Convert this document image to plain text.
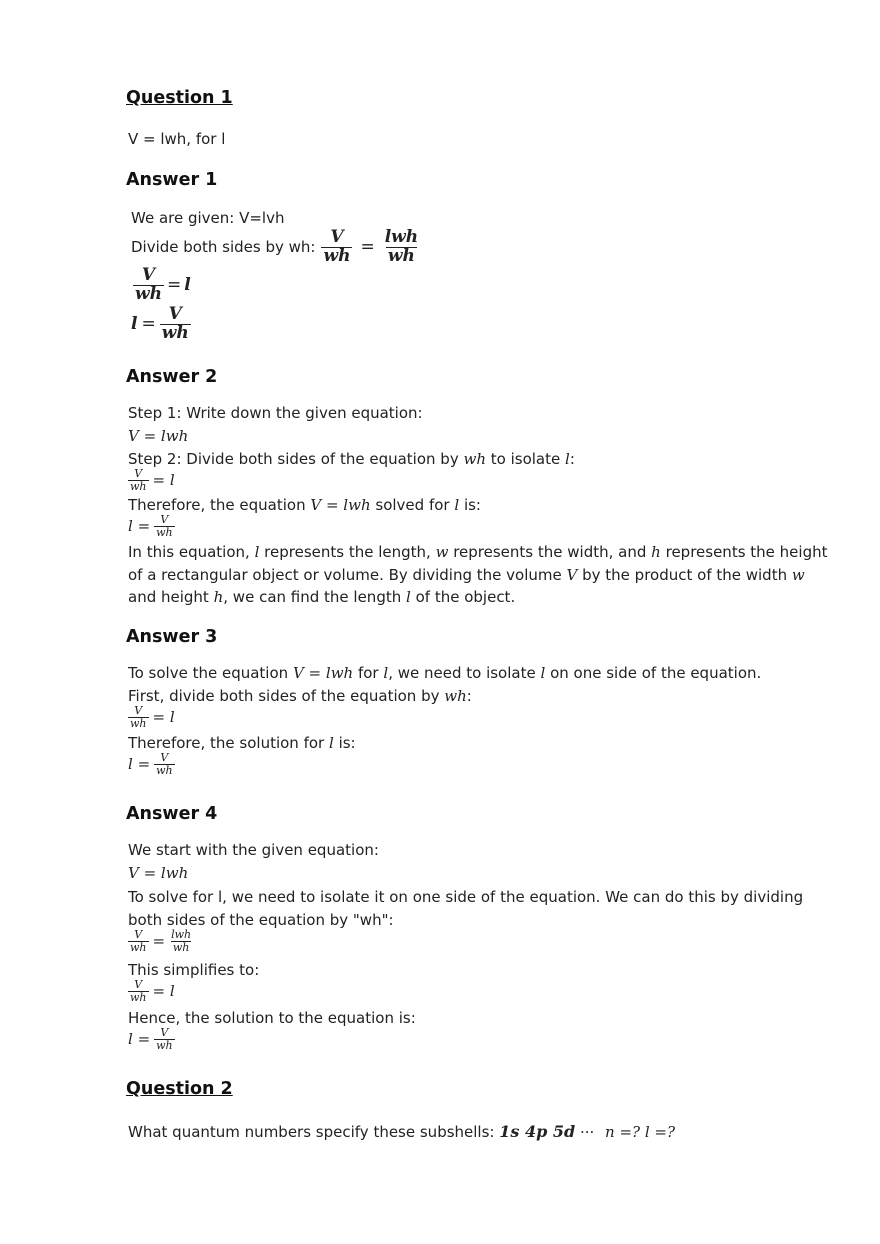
Question 1
V = lwh, for l
Answer 1
We are given: V=lvh
Divide both sides by wh: $\frac{V}{wh} = \frac{\text{lwh}}{wh}$
$\frac{V}{wh} = l$
$l = \frac{V}{wh}$
Answer 2
Step 1: Write down the given equation:
V = lwh
Step 2: Divide both sides of the equation by wh to isolate l:
$\frac{V}{wh} = l$
Therefore, the equation V = lwh solved for l is:
$l = \frac{V}{wh}$
In this equation, l represents the length, w represents the width, and h represents the height
of a rectangular object or volume. By dividing the volume V by the product of the width w
and height h, we can find the length l of the object.
Answer 3
To solve the equation V = lwh for l, we need to isolate l on one side of the equation.
First, divide both sides of the equation by wh:
$\frac{V}{wh} = l$
Therefore, the solution for l is:
$l = \frac{V}{wh}$
Answer 4
We start with the given equation:
V = lwh
To solve for l, we need to isolate it on one side of the equation. We can do this by dividing
both sides of the equation by "wh":
$\frac{V}{wh} = \frac{\text{lwh}}{wh}$
This simplifies to:
$\frac{V}{wh} = l$
Hence, the solution to the equation is:
$l = \frac{V}{wh}$
Question 2
What quantum numbers specify these subshells: 1s 4p 5d ··· n =? l =?
